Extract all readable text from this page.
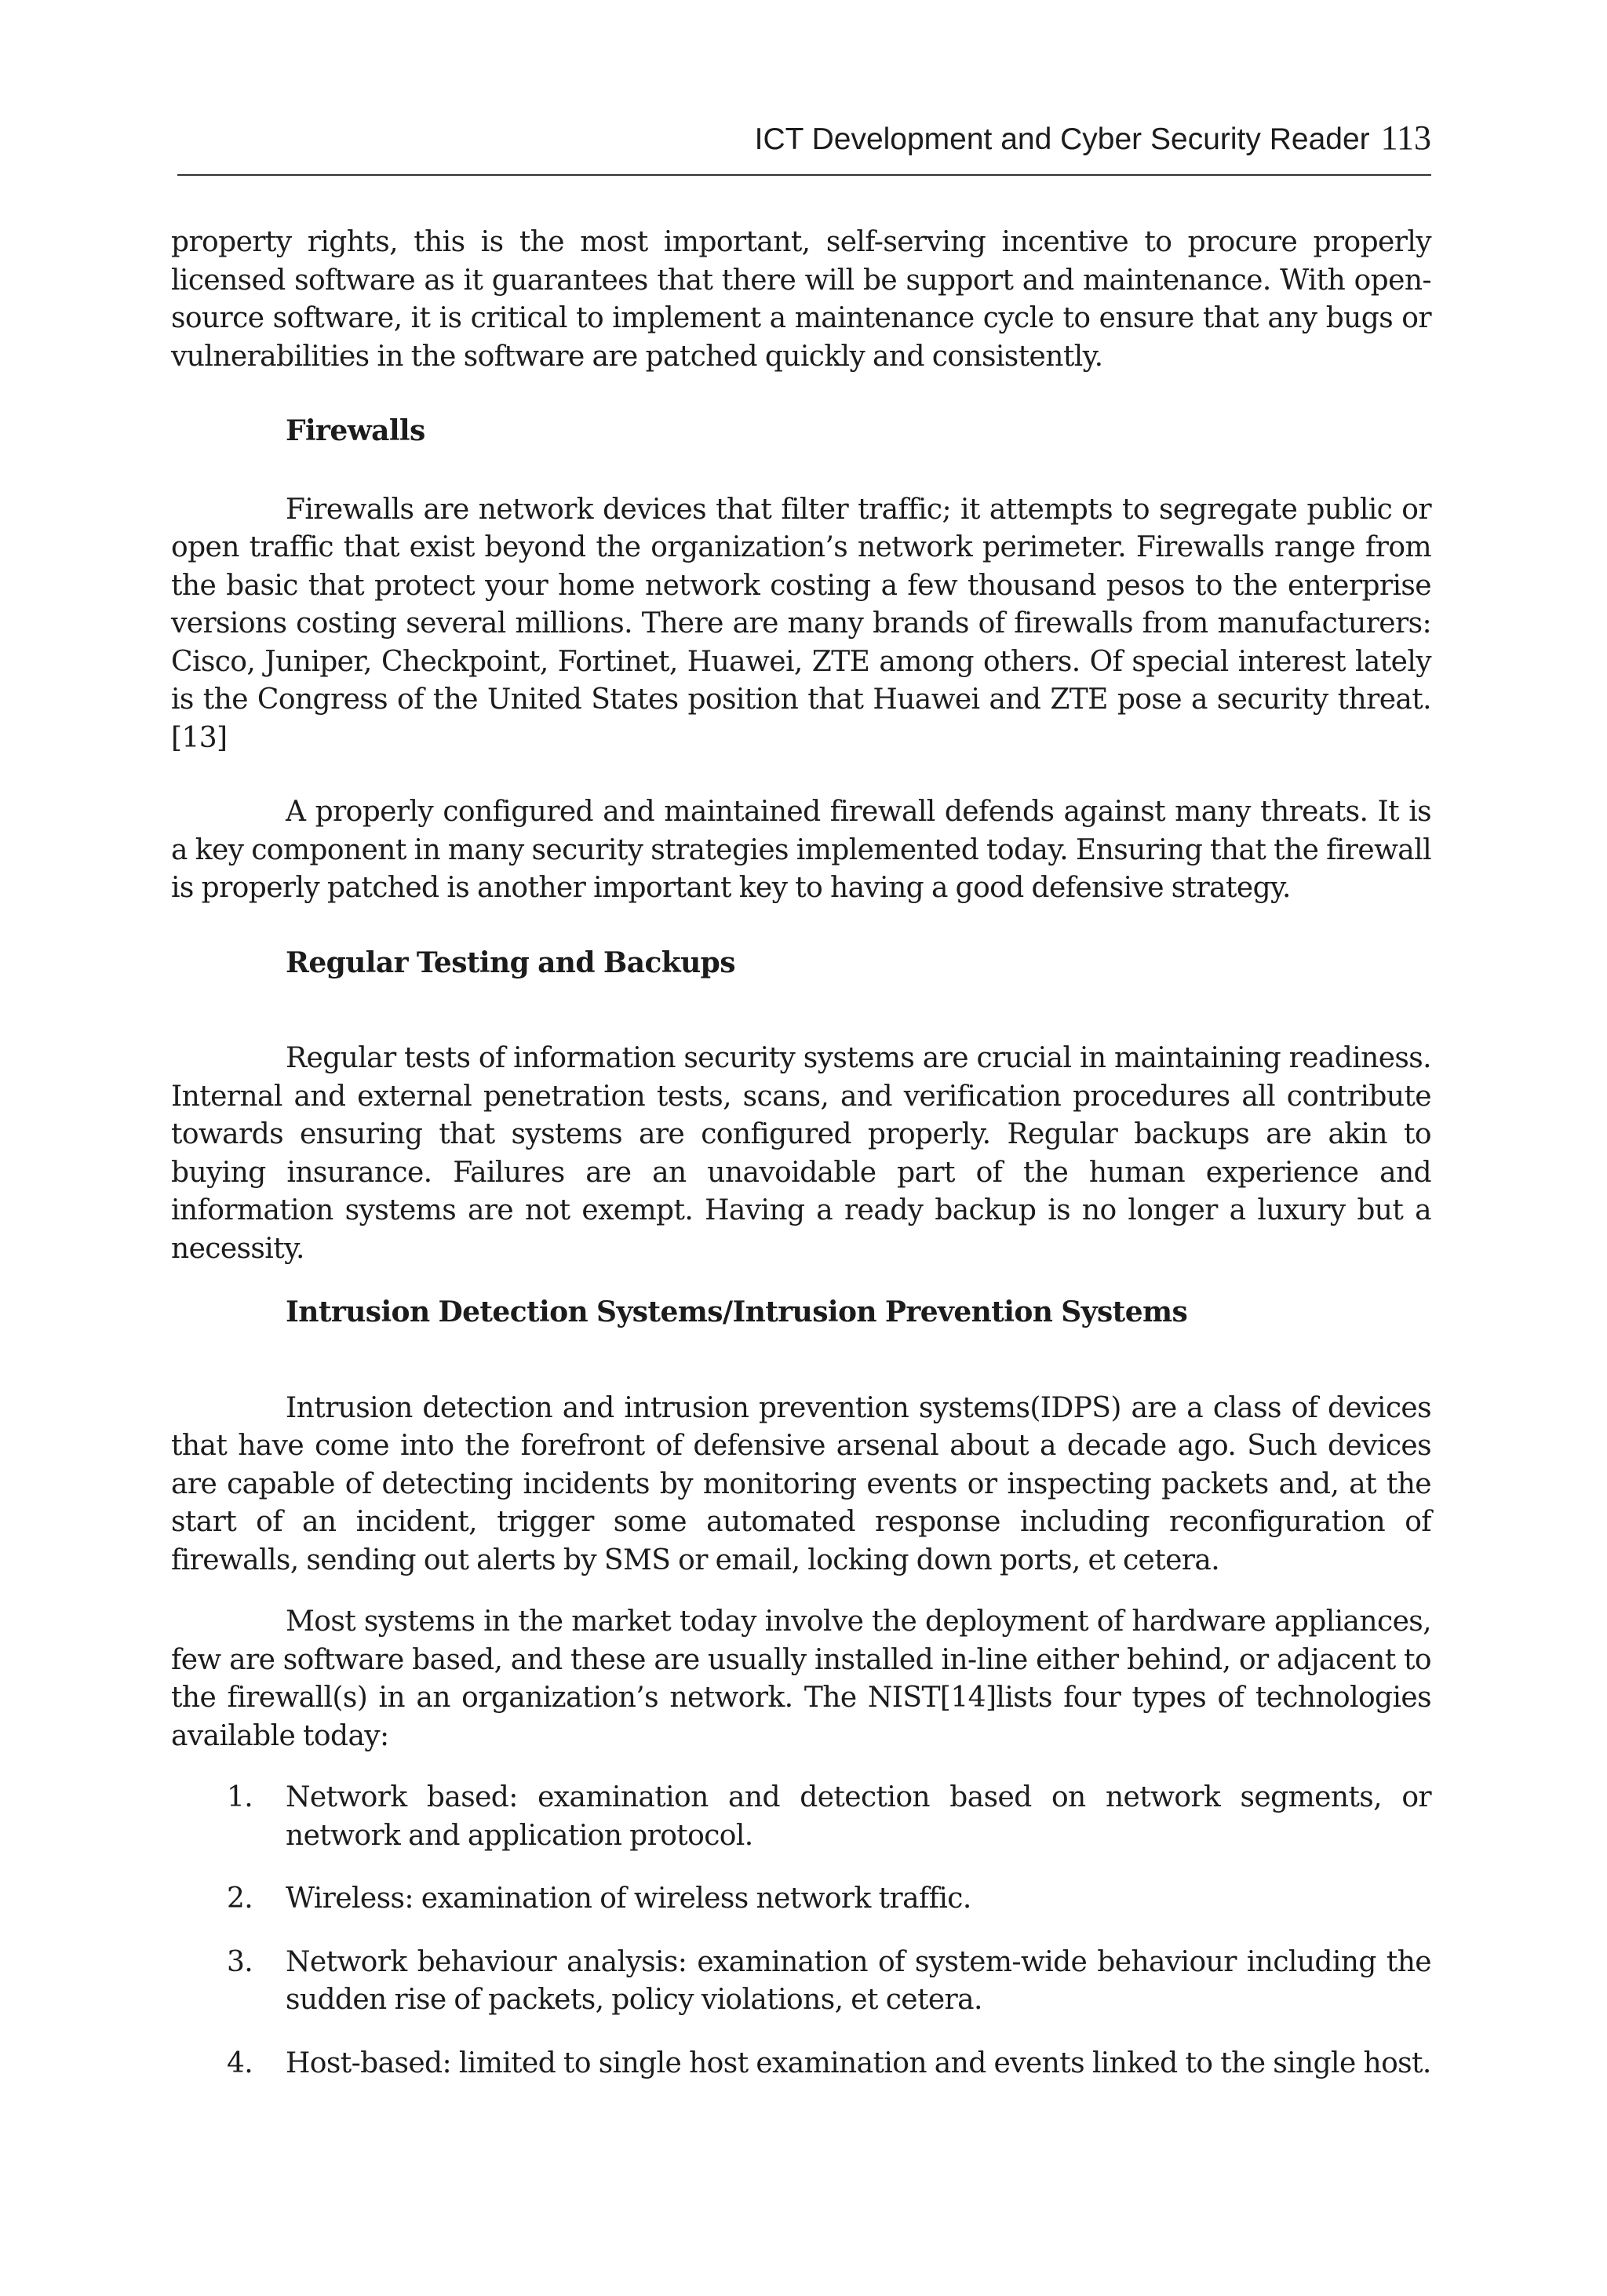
ICT Development and Cyber Security Reader 113

property rights, this is the most important, self-serving incentive to procure properly licensed software as it guarantees that there will be support and maintenance. With open-source software, it is critical to implement a maintenance cycle to ensure that any bugs or vulnerabilities in the software are patched quickly and consistently.

Firewalls

Firewalls are network devices that filter traffic; it attempts to segregate public or open traffic that exist beyond the organization’s network perimeter. Firewalls range from the basic that protect your home network costing a few thousand pesos to the enterprise versions costing several millions. There are many brands of firewalls from manufacturers: Cisco, Juniper, Checkpoint, Fortinet, Huawei, ZTE among others. Of special interest lately is the Congress of the United States position that Huawei and ZTE pose a security threat. [13]

A properly configured and maintained firewall defends against many threats. It is a key component in many security strategies implemented today. Ensuring that the firewall is properly patched is another important key to having a good defensive strategy.

Regular Testing and Backups

Regular tests of information security systems are crucial in maintaining readiness. Internal and external penetration tests, scans, and verification procedures all contribute towards ensuring that systems are configured properly. Regular backups are akin to buying insurance. Failures are an unavoidable part of the human experience and information systems are not exempt. Having a ready backup is no longer a luxury but a necessity.

Intrusion Detection Systems/Intrusion Prevention Systems

Intrusion detection and intrusion prevention systems(IDPS) are a class of devices that have come into the forefront of defensive arsenal about a decade ago. Such devices are capable of detecting incidents by monitoring events or inspecting packets and, at the start of an incident, trigger some automated response including reconfiguration of firewalls, sending out alerts by SMS or email, locking down ports, et cetera.

Most systems in the market today involve the deployment of hardware appliances, few are software based, and these are usually installed in-line either behind, or adjacent to the firewall(s) in an organization’s network. The NIST[14]lists four types of technologies available today:

1. Network based: examination and detection based on network segments, or network and application protocol.
2. Wireless: examination of wireless network traffic.
3. Network behaviour analysis: examination of system-wide behaviour including the sudden rise of packets, policy violations, et cetera.
4. Host-based: limited to single host examination and events linked to the single host.
